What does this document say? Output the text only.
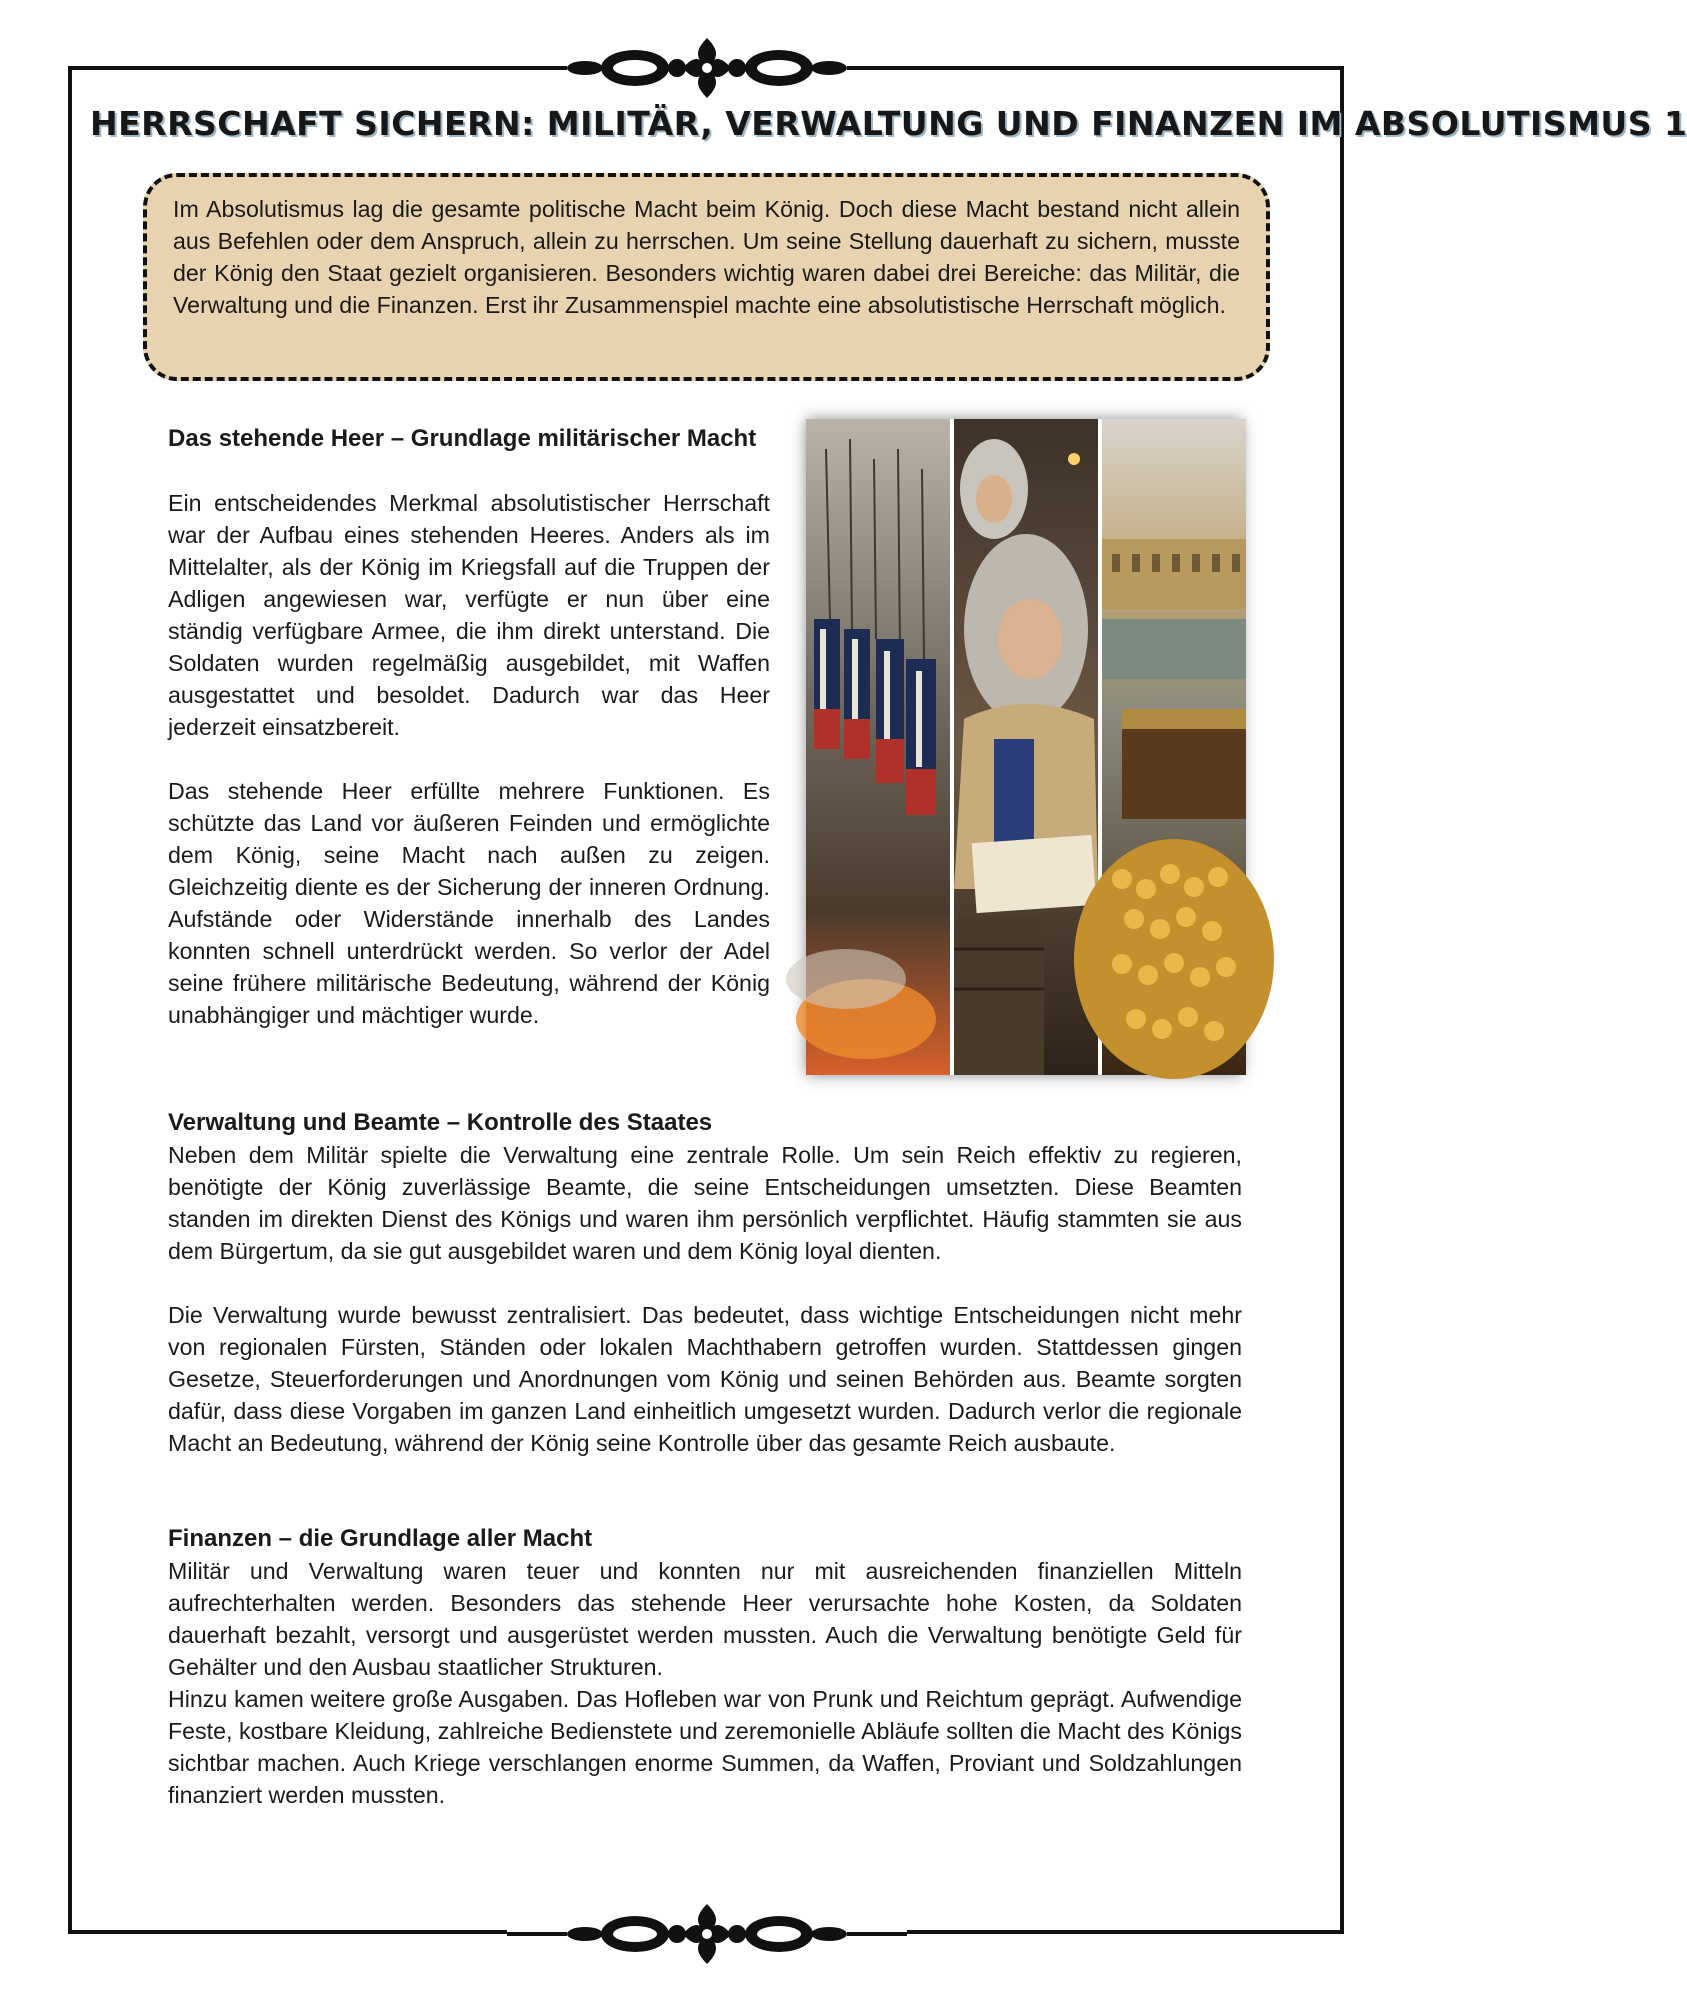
HERRSCHAFT SICHERN: MILITÄR, VERWALTUNG UND FINANZEN IM ABSOLUTISMUS 1

Im Absolutismus lag die gesamte politische Macht beim König. Doch diese Macht bestand nicht allein aus Befehlen oder dem Anspruch, allein zu herrschen. Um seine Stellung dauerhaft zu sichern, musste der König den Staat gezielt organisieren. Besonders wichtig waren dabei drei Bereiche: das Militär, die Verwaltung und die Finanzen. Erst ihr Zusammenspiel machte eine absolutistische Herrschaft möglich.

Das stehende Heer – Grundlage militärischer Macht

Ein entscheidendes Merkmal absolutistischer Herrschaft war der Aufbau eines stehenden Heeres. Anders als im Mittelalter, als der König im Kriegsfall auf die Truppen der Adligen angewiesen war, verfügte er nun über eine ständig verfügbare Armee, die ihm direkt unterstand. Die Soldaten wurden regelmäßig ausgebildet, mit Waffen ausgestattet und besoldet. Dadurch war das Heer jederzeit einsatzbereit.

Das stehende Heer erfüllte mehrere Funktionen. Es schützte das Land vor äußeren Feinden und ermöglichte dem König, seine Macht nach außen zu zeigen. Gleichzeitig diente es der Sicherung der inneren Ordnung. Aufstände oder Widerstände innerhalb des Landes konnten schnell unterdrückt werden. So verlor der Adel seine frühere militärische Bedeutung, während der König unabhängiger und mächtiger wurde.

Verwaltung und Beamte – Kontrolle des Staates

Neben dem Militär spielte die Verwaltung eine zentrale Rolle. Um sein Reich effektiv zu regieren, benötigte der König zuverlässige Beamte, die seine Entscheidungen umsetzten. Diese Beamten standen im direkten Dienst des Königs und waren ihm persönlich verpflichtet. Häufig stammten sie aus dem Bürgertum, da sie gut ausgebildet waren und dem König loyal dienten.

Die Verwaltung wurde bewusst zentralisiert. Das bedeutet, dass wichtige Entscheidungen nicht mehr von regionalen Fürsten, Ständen oder lokalen Machthabern getroffen wurden. Stattdessen gingen Gesetze, Steuerforderungen und Anordnungen vom König und seinen Behörden aus. Beamte sorgten dafür, dass diese Vorgaben im ganzen Land einheitlich umgesetzt wurden. Dadurch verlor die regionale Macht an Bedeutung, während der König seine Kontrolle über das gesamte Reich ausbaute.

Finanzen – die Grundlage aller Macht

Militär und Verwaltung waren teuer und konnten nur mit ausreichenden finanziellen Mitteln aufrechterhalten werden. Besonders das stehende Heer verursachte hohe Kosten, da Soldaten dauerhaft bezahlt, versorgt und ausgerüstet werden mussten. Auch die Verwaltung benötigte Geld für Gehälter und den Ausbau staatlicher Strukturen.

Hinzu kamen weitere große Ausgaben. Das Hofleben war von Prunk und Reichtum geprägt. Aufwendige Feste, kostbare Kleidung, zahlreiche Bedienstete und zeremonielle Abläufe sollten die Macht des Königs sichtbar machen. Auch Kriege verschlangen enorme Summen, da Waffen, Proviant und Soldzahlungen finanziert werden mussten.
